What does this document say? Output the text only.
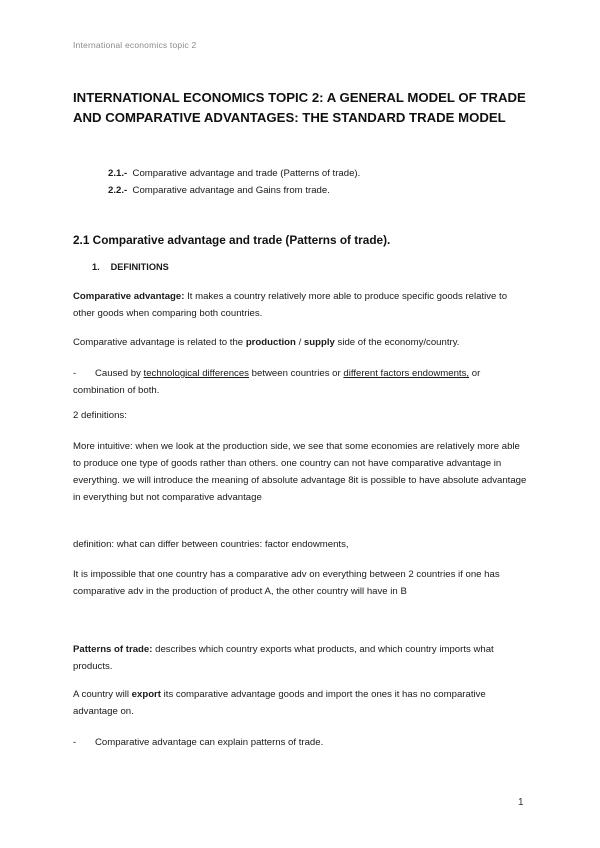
International economics topic 2
INTERNATIONAL ECONOMICS TOPIC 2: A GENERAL MODEL OF TRADE AND COMPARATIVE ADVANTAGES: THE STANDARD TRADE MODEL
2.1.- Comparative advantage and trade (Patterns of trade).
2.2.- Comparative advantage and Gains from trade.
2.1 Comparative advantage and trade (Patterns of trade).
1. DEFINITIONS
Comparative advantage: It makes a country relatively more able to produce specific goods relative to other goods when comparing both countries.
Comparative advantage is related to the production / supply side of the economy/country.
- Caused by technological differences between countries or different factors endowments, or combination of both.
2 definitions:
More intuitive: when we look at the production side, we see that some economies are relatively more able to produce one type of goods rather than others. one country can not have comparative advantage in everything. we will introduce the meaning of absolute advantage 8it is possible to have absolute advantage in everything but not comparative advantage
definition: what can differ between countries: factor endowments,
It is impossible that one country has a comparative adv on everything between 2 countries if one has comparative adv in the production of product A, the other country will have in B
Patterns of trade: describes which country exports what products, and which country imports what products.
A country will export its comparative advantage goods and import the ones it has no comparative advantage on.
- Comparative advantage can explain patterns of trade.
1
